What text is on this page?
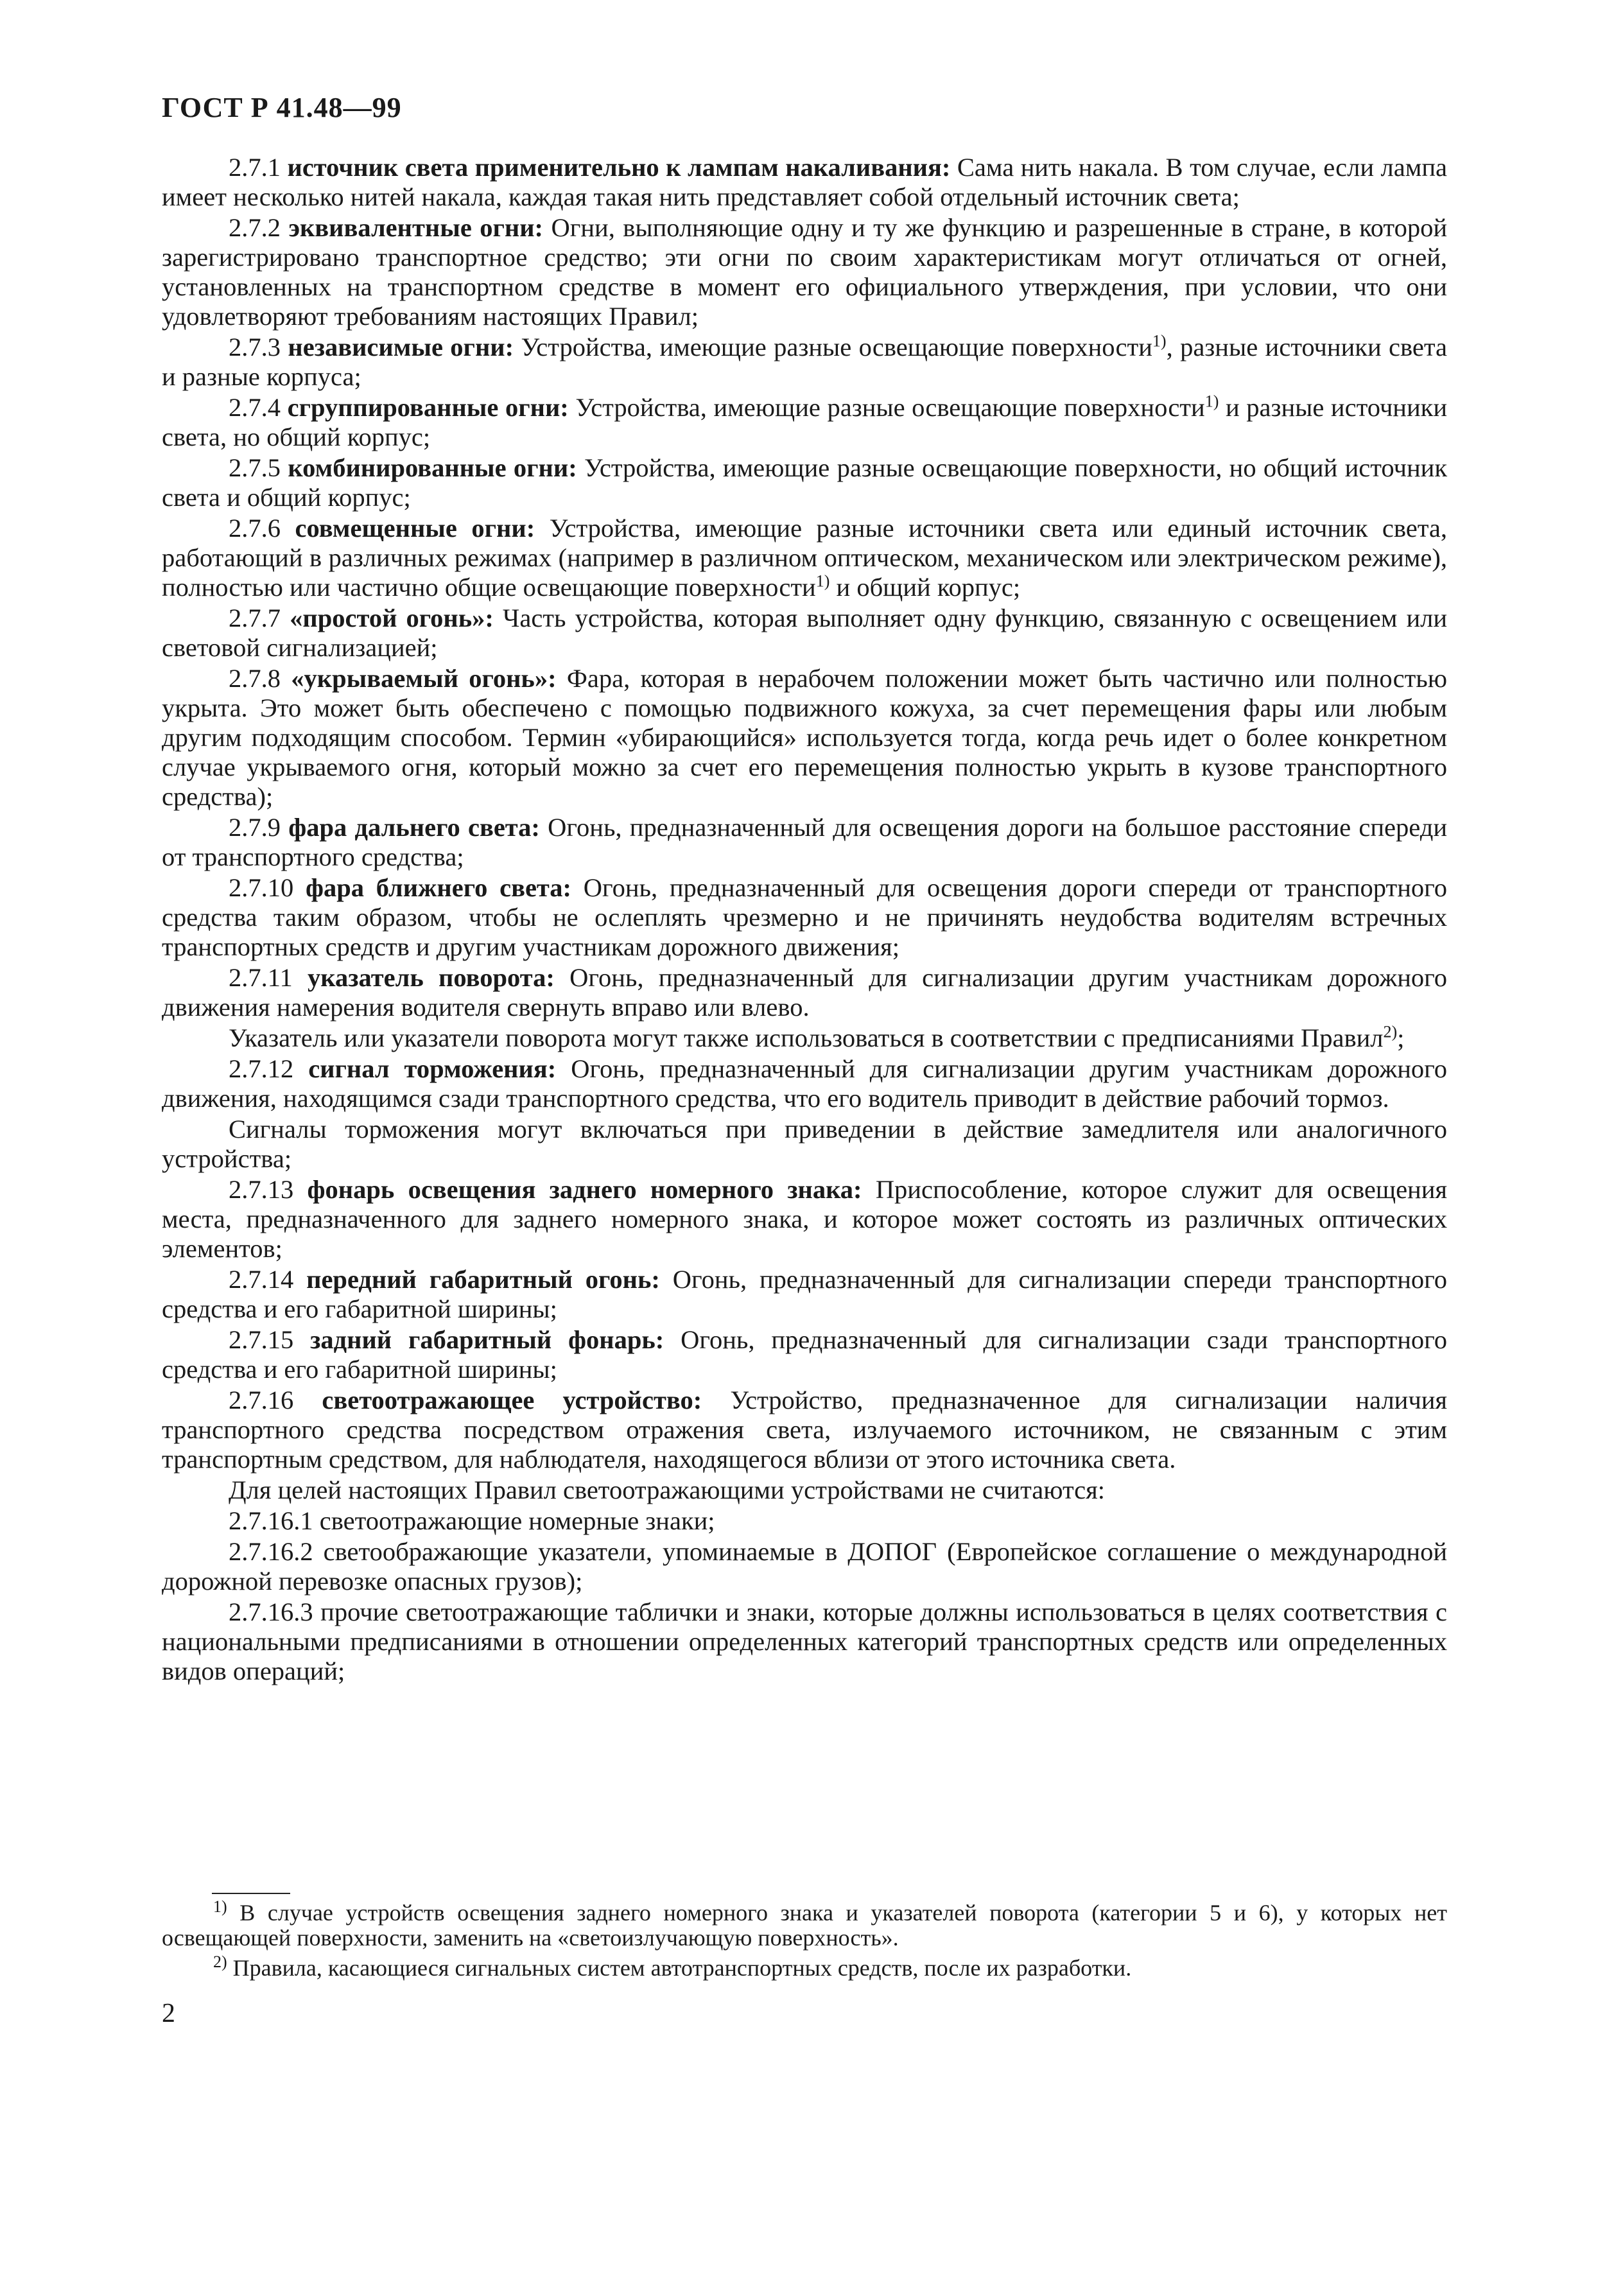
ГОСТ Р 41.48—99

2.7.1 источник света применительно к лампам накаливания: Сама нить накала. В том случае, если лампа имеет несколько нитей накала, каждая такая нить представляет собой отдельный источник света;

2.7.2 эквивалентные огни: Огни, выполняющие одну и ту же функцию и разрешенные в стране, в которой зарегистрировано транспортное средство; эти огни по своим характеристикам могут отличаться от огней, установленных на транспортном средстве в момент его официального утверждения, при условии, что они удовлетворяют требованиям настоящих Правил;

2.7.3 независимые огни: Устройства, имеющие разные освещающие поверхности$^{1)}$, разные источники света и разные корпуса;

2.7.4 сгруппированные огни: Устройства, имеющие разные освещающие поверхности$^{1)}$ и разные источники света, но общий корпус;

2.7.5 комбинированные огни: Устройства, имеющие разные освещающие поверхности, но общий источник света и общий корпус;

2.7.6 совмещенные огни: Устройства, имеющие разные источники света или единый источник света, работающий в различных режимах (например в различном оптическом, механическом или электрическом режиме), полностью или частично общие освещающие поверхности$^{1)}$ и общий корпус;

2.7.7 «простой огонь»: Часть устройства, которая выполняет одну функцию, связанную с освещением или световой сигнализацией;

2.7.8 «укрываемый огонь»: Фара, которая в нерабочем положении может быть частично или полностью укрыта. Это может быть обеспечено с помощью подвижного кожуха, за счет перемещения фары или любым другим подходящим способом. Термин «убирающийся» используется тогда, когда речь идет о более конкретном случае укрываемого огня, который можно за счет его перемещения полностью укрыть в кузове транспортного средства);

2.7.9 фара дальнего света: Огонь, предназначенный для освещения дороги на большое расстояние спереди от транспортного средства;

2.7.10 фара ближнего света: Огонь, предназначенный для освещения дороги спереди от транспортного средства таким образом, чтобы не ослеплять чрезмерно и не причинять неудобства водителям встречных транспортных средств и другим участникам дорожного движения;

2.7.11 указатель поворота: Огонь, предназначенный для сигнализации другим участникам дорожного движения намерения водителя свернуть вправо или влево.

Указатель или указатели поворота могут также использоваться в соответствии с предписаниями Правил$^{2)}$;

2.7.12 сигнал торможения: Огонь, предназначенный для сигнализации другим участникам дорожного движения, находящимся сзади транспортного средства, что его водитель приводит в действие рабочий тормоз.

Сигналы торможения могут включаться при приведении в действие замедлителя или аналогичного устройства;

2.7.13 фонарь освещения заднего номерного знака: Приспособление, которое служит для освещения места, предназначенного для заднего номерного знака, и которое может состоять из различных оптических элементов;

2.7.14 передний габаритный огонь: Огонь, предназначенный для сигнализации спереди транспортного средства и его габаритной ширины;

2.7.15 задний габаритный фонарь: Огонь, предназначенный для сигнализации сзади транспортного средства и его габаритной ширины;

2.7.16 светоотражающее устройство: Устройство, предназначенное для сигнализации наличия транспортного средства посредством отражения света, излучаемого источником, не связанным с этим транспортным средством, для наблюдателя, находящегося вблизи от этого источника света.

Для целей настоящих Правил светоотражающими устройствами не считаются:

2.7.16.1 светоотражающие номерные знаки;

2.7.16.2 светоображающие указатели, упоминаемые в ДОПОГ (Европейское соглашение о международной дорожной перевозке опасных грузов);

2.7.16.3 прочие светоотражающие таблички и знаки, которые должны использоваться в целях соответствия с национальными предписаниями в отношении определенных категорий транспортных средств или определенных видов операций;

$^{1)}$ В случае устройств освещения заднего номерного знака и указателей поворота (категории 5 и 6), у которых нет освещающей поверхности, заменить на «светоизлучающую поверхность».

$^{2)}$ Правила, касающиеся сигнальных систем автотранспортных средств, после их разработки.

2
